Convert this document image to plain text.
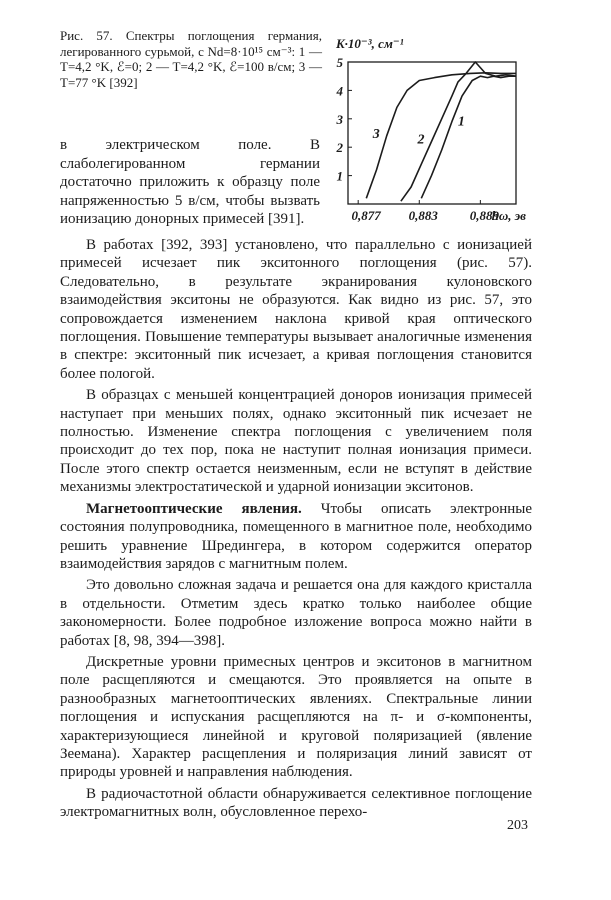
Рис. 57. Спектры поглощения германия, легированного сурьмой, с Nd=8·10¹⁵ см⁻³: 1 — T=4,2 °K, ℰ=0; 2 — T=4,2 °K, ℰ=100 в/см; 3 — T=77 °K [392]
1
2
3
4
5
0,877 0,883 0,889
K·10⁻³, см⁻¹
ħω, эв
1
2
3
в электрическом поле. В слаболегированном германии достаточно приложить к образцу поле напряженностью 5 в/см, чтобы вызвать ионизацию донорных примесей [391].

В работах [392, 393] установлено, что параллельно с ионизацией примесей исчезает пик экситонного поглощения (рис. 57). Следовательно, в результате экранирования кулоновского взаимодействия экситоны не образуются. Как видно из рис. 57, это сопровождается изменением наклона кривой края оптического поглощения. Повышение температуры вызывает аналогичные изменения в спектре: экситонный пик исчезает, а кривая поглощения становится более пологой.

В образцах с меньшей концентрацией доноров ионизация примесей наступает при меньших полях, однако экситонный пик исчезает не полностью. Изменение спектра поглощения с увеличением поля происходит до тех пор, пока не наступит полная ионизация примеси. После этого спектр остается неизменным, если не вступят в действие механизмы электростатической и ударной ионизации экситонов.

Магнетооптические явления. Чтобы описать электронные состояния полупроводника, помещенного в магнитное поле, необходимо решить уравнение Шредингера, в котором содержится оператор взаимодействия зарядов с магнитным полем.

Это довольно сложная задача и решается она для каждого кристалла в отдельности. Отметим здесь кратко только наиболее общие закономерности. Более подробное изложение вопроса можно найти в работах [8, 98, 394—398].

Дискретные уровни примесных центров и экситонов в магнитном поле расщепляются и смещаются. Это проявляется на опыте в разнообразных магнетооптических явлениях. Спектральные линии поглощения и испускания расщепляются на π- и σ-компоненты, характеризующиеся линейной и круговой поляризацией (явление Зеемана). Характер расщепления и поляризация линий зависят от природы уровней и направления наблюдения.

В радиочастотной области обнаруживается селективное поглощение электромагнитных волн, обусловленное перехо-

203
